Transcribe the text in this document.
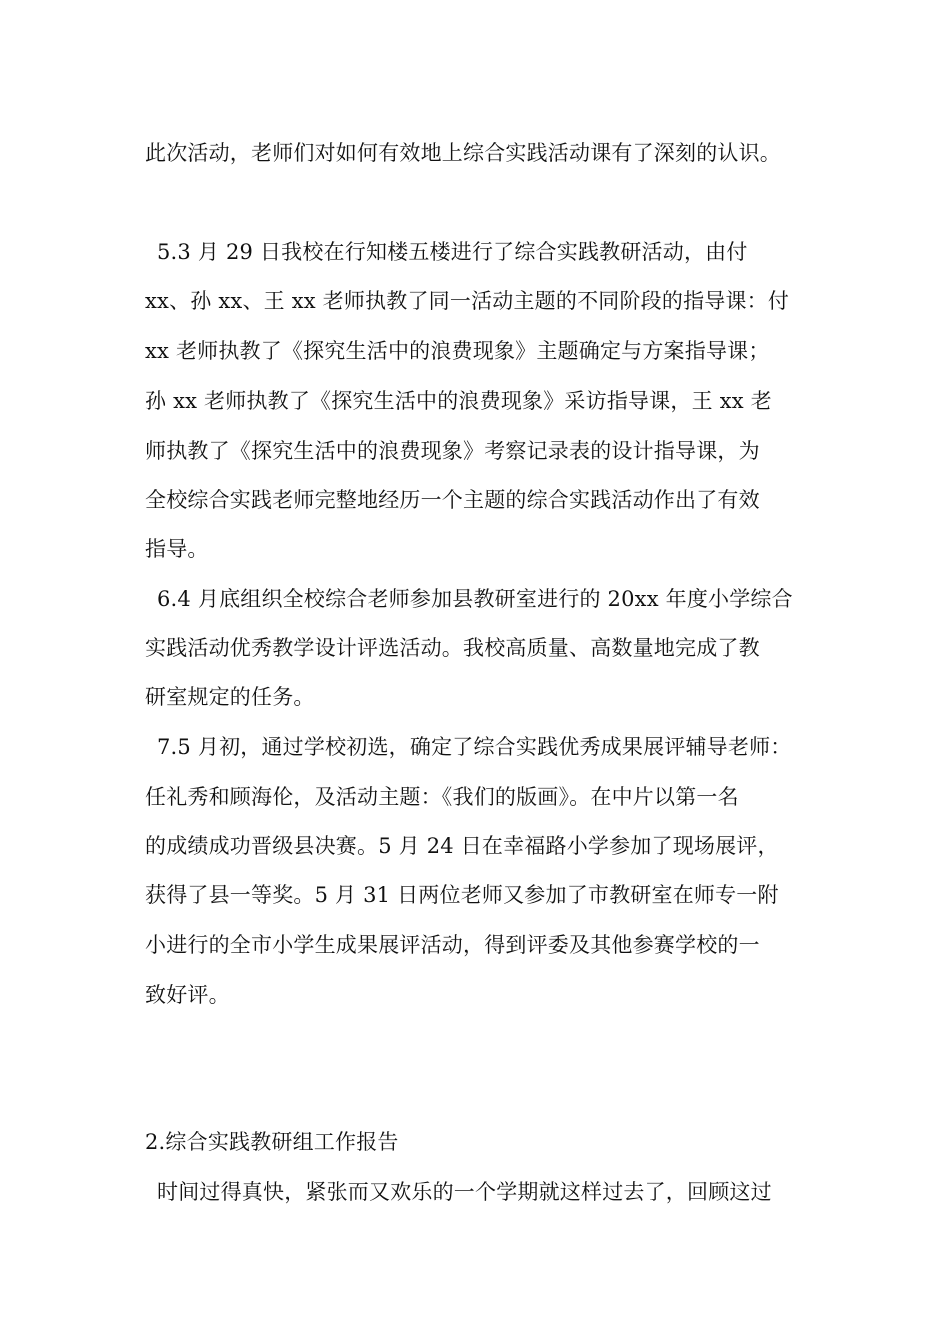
此次活动，老师们对如何有效地上综合实践活动课有了深刻的认识。
5.3 月 29 日我校在行知楼五楼进行了综合实践教研活动，由付
xx、孙 xx、王 xx 老师执教了同一活动主题的不同阶段的指导课：付
xx 老师执教了《探究生活中的浪费现象》主题确定与方案指导课；
孙 xx 老师执教了《探究生活中的浪费现象》采访指导课，王 xx 老
师执教了《探究生活中的浪费现象》考察记录表的设计指导课，为
全校综合实践老师完整地经历一个主题的综合实践活动作出了有效
指导。
6.4 月底组织全校综合老师参加县教研室进行的 20xx 年度小学综合
实践活动优秀教学设计评选活动。我校高质量、高数量地完成了教
研室规定的任务。
7.5 月初，通过学校初选，确定了综合实践优秀成果展评辅导老师：
任礼秀和顾海伦，及活动主题：《我们的版画》。在中片以第一名
的成绩成功晋级县决赛。5 月 24 日在幸福路小学参加了现场展评，
获得了县一等奖。5 月 31 日两位老师又参加了市教研室在师专一附
小进行的全市小学生成果展评活动，得到评委及其他参赛学校的一
致好评。
2.综合实践教研组工作报告
时间过得真快，紧张而又欢乐的一个学期就这样过去了，回顾这过
